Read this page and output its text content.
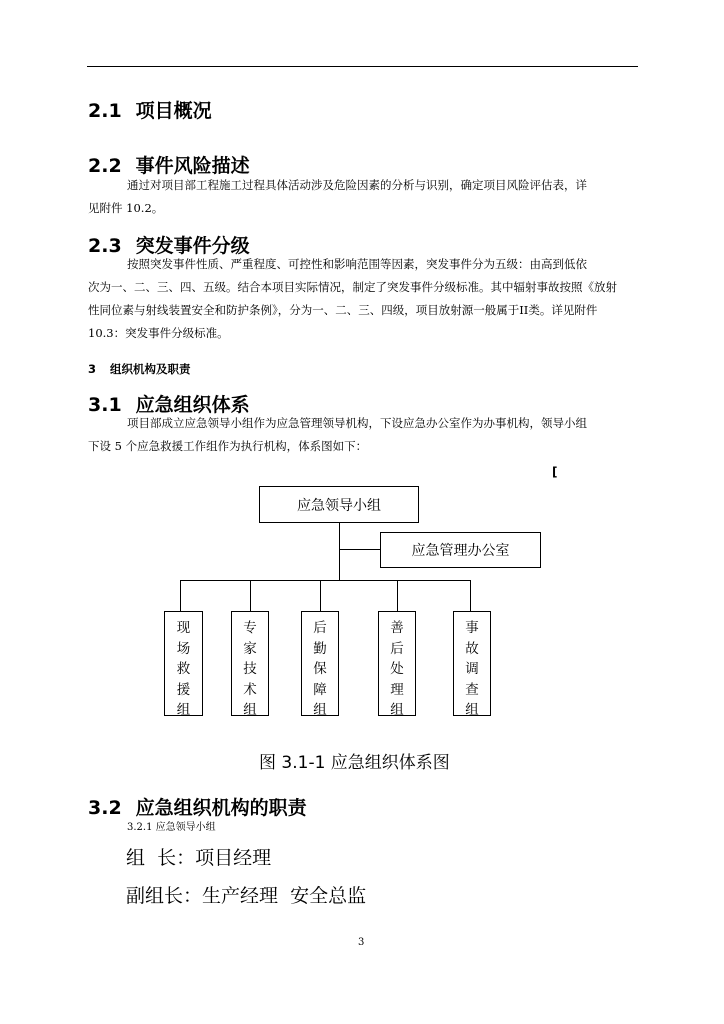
2.1 项目概况
2.2 事件风险描述
通过对项目部工程施工过程具体活动涉及危险因素的分析与识别，确定项目风险评估表，详
见附件 10.2。
2.3 突发事件分级
按照突发事件性质、严重程度、可控性和影响范围等因素，突发事件分为五级：由高到低依
次为一、二、三、四、五级。结合本项目实际情况，制定了突发事件分级标准。其中辐射事故按照《放射
性同位素与射线装置安全和防护条例》，分为一、二、三、四级，项目放射源一般属于II类。详见附件
10.3：突发事件分级标准。
3 组织机构及职责
3.1 应急组织体系
项目部成立应急领导小组作为应急管理领导机构，下设应急办公室作为办事机构，领导小组
下设 5 个应急救援工作组作为执行机构，体系图如下：
[
应急领导小组
应急管理办公室
现
场
救
援
组
专
家
技
术
组
后
勤
保
障
组
善
后
处
理
组
事
故
调
查
组
图 3.1-1 应急组织体系图
3.2 应急组织机构的职责
3.2.1 应急领导小组
组  长：项目经理
副组长：生产经理  安全总监
3
